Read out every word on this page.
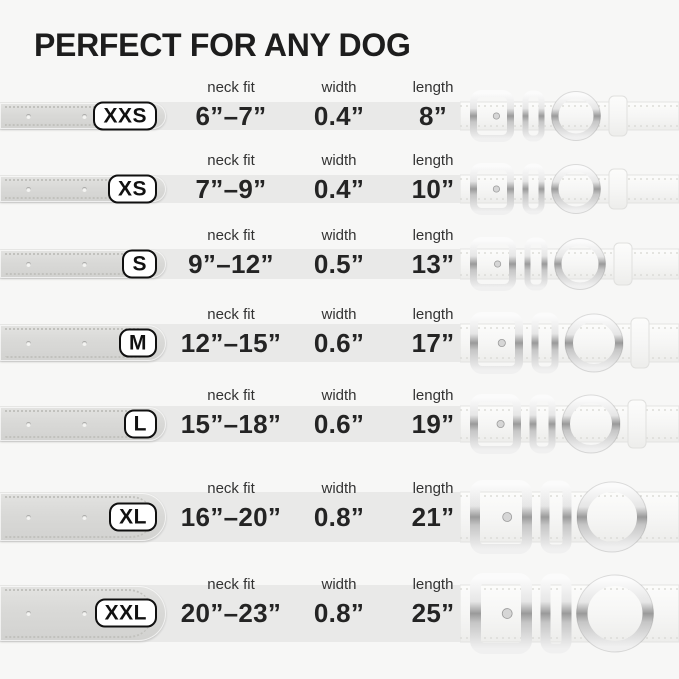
PERFECT FOR ANY DOG
XXS
neck fit
6”–7”
width
0.4”
length
8”
XS
neck fit
7”–9”
width
0.4”
length
10”
S
neck fit
9”–12”
width
0.5”
length
13”
M
neck fit
12”–15”
width
0.6”
length
17”
L
neck fit
15”–18”
width
0.6”
length
19”
XL
neck fit
16”–20”
width
0.8”
length
21”
XXL
neck fit
20”–23”
width
0.8”
length
25”
